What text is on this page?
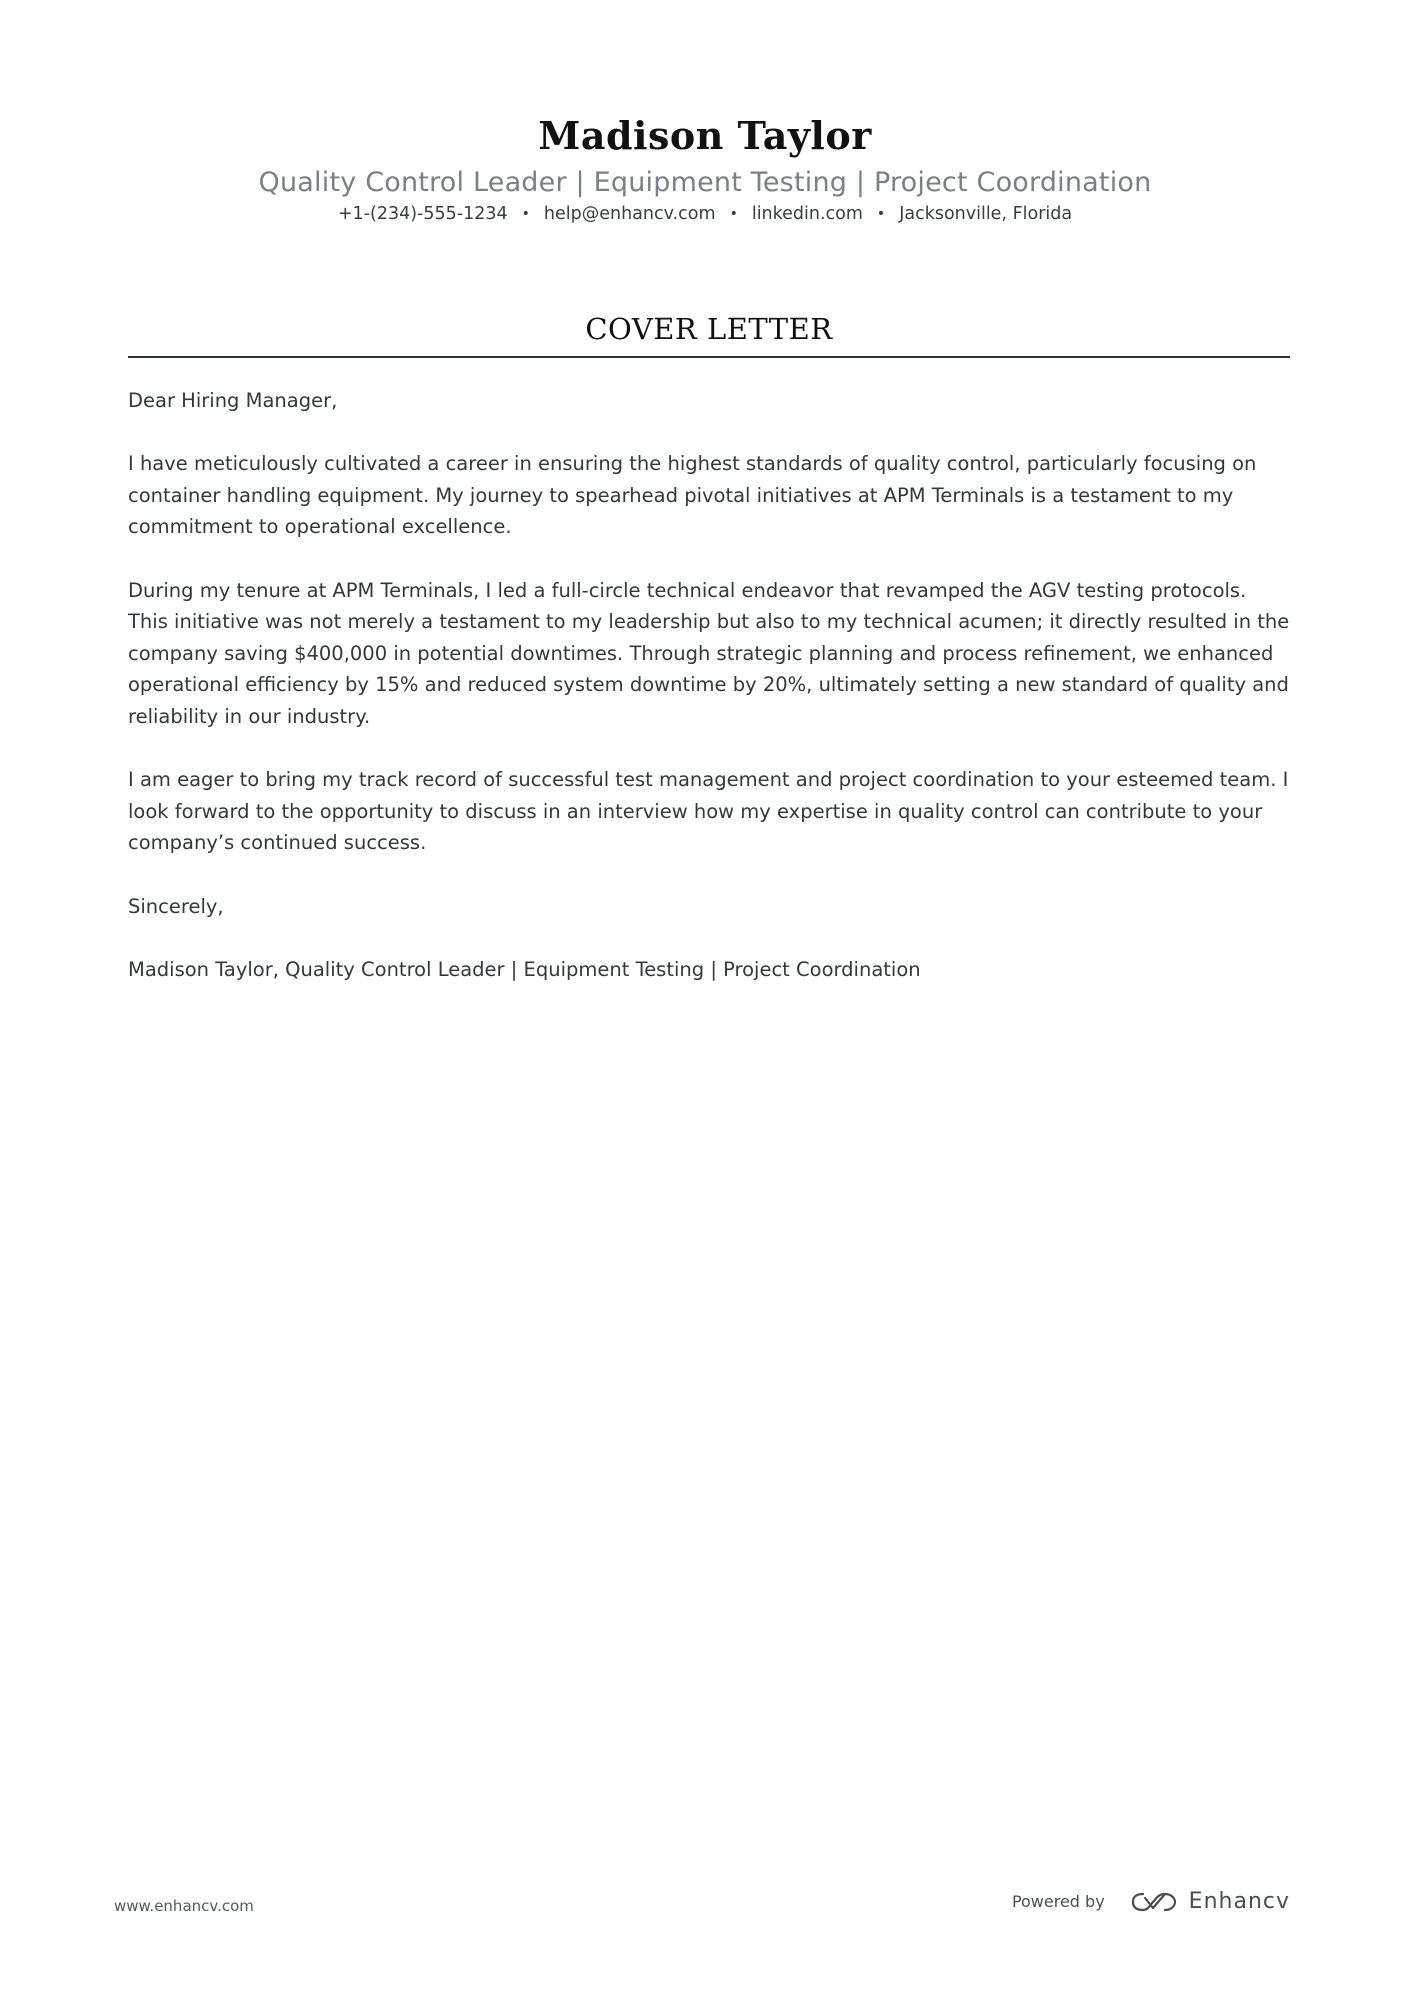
Madison Taylor
Quality Control Leader | Equipment Testing | Project Coordination
+1-(234)-555-1234 • help@enhancv.com • linkedin.com • Jacksonville, Florida
COVER LETTER

Dear Hiring Manager,

I have meticulously cultivated a career in ensuring the highest standards of quality control, particularly focusing on container handling equipment. My journey to spearhead pivotal initiatives at APM Terminals is a testament to my commitment to operational excellence.

During my tenure at APM Terminals, I led a full-circle technical endeavor that revamped the AGV testing protocols. This initiative was not merely a testament to my leadership but also to my technical acumen; it directly resulted in the company saving $400,000 in potential downtimes. Through strategic planning and process refinement, we enhanced operational efficiency by 15% and reduced system downtime by 20%, ultimately setting a new standard of quality and reliability in our industry.

I am eager to bring my track record of successful test management and project coordination to your esteemed team. I look forward to the opportunity to discuss in an interview how my expertise in quality control can contribute to your company’s continued success.

Sincerely,

Madison Taylor, Quality Control Leader | Equipment Testing | Project Coordination

www.enhancv.com	Powered by	Enhancv
